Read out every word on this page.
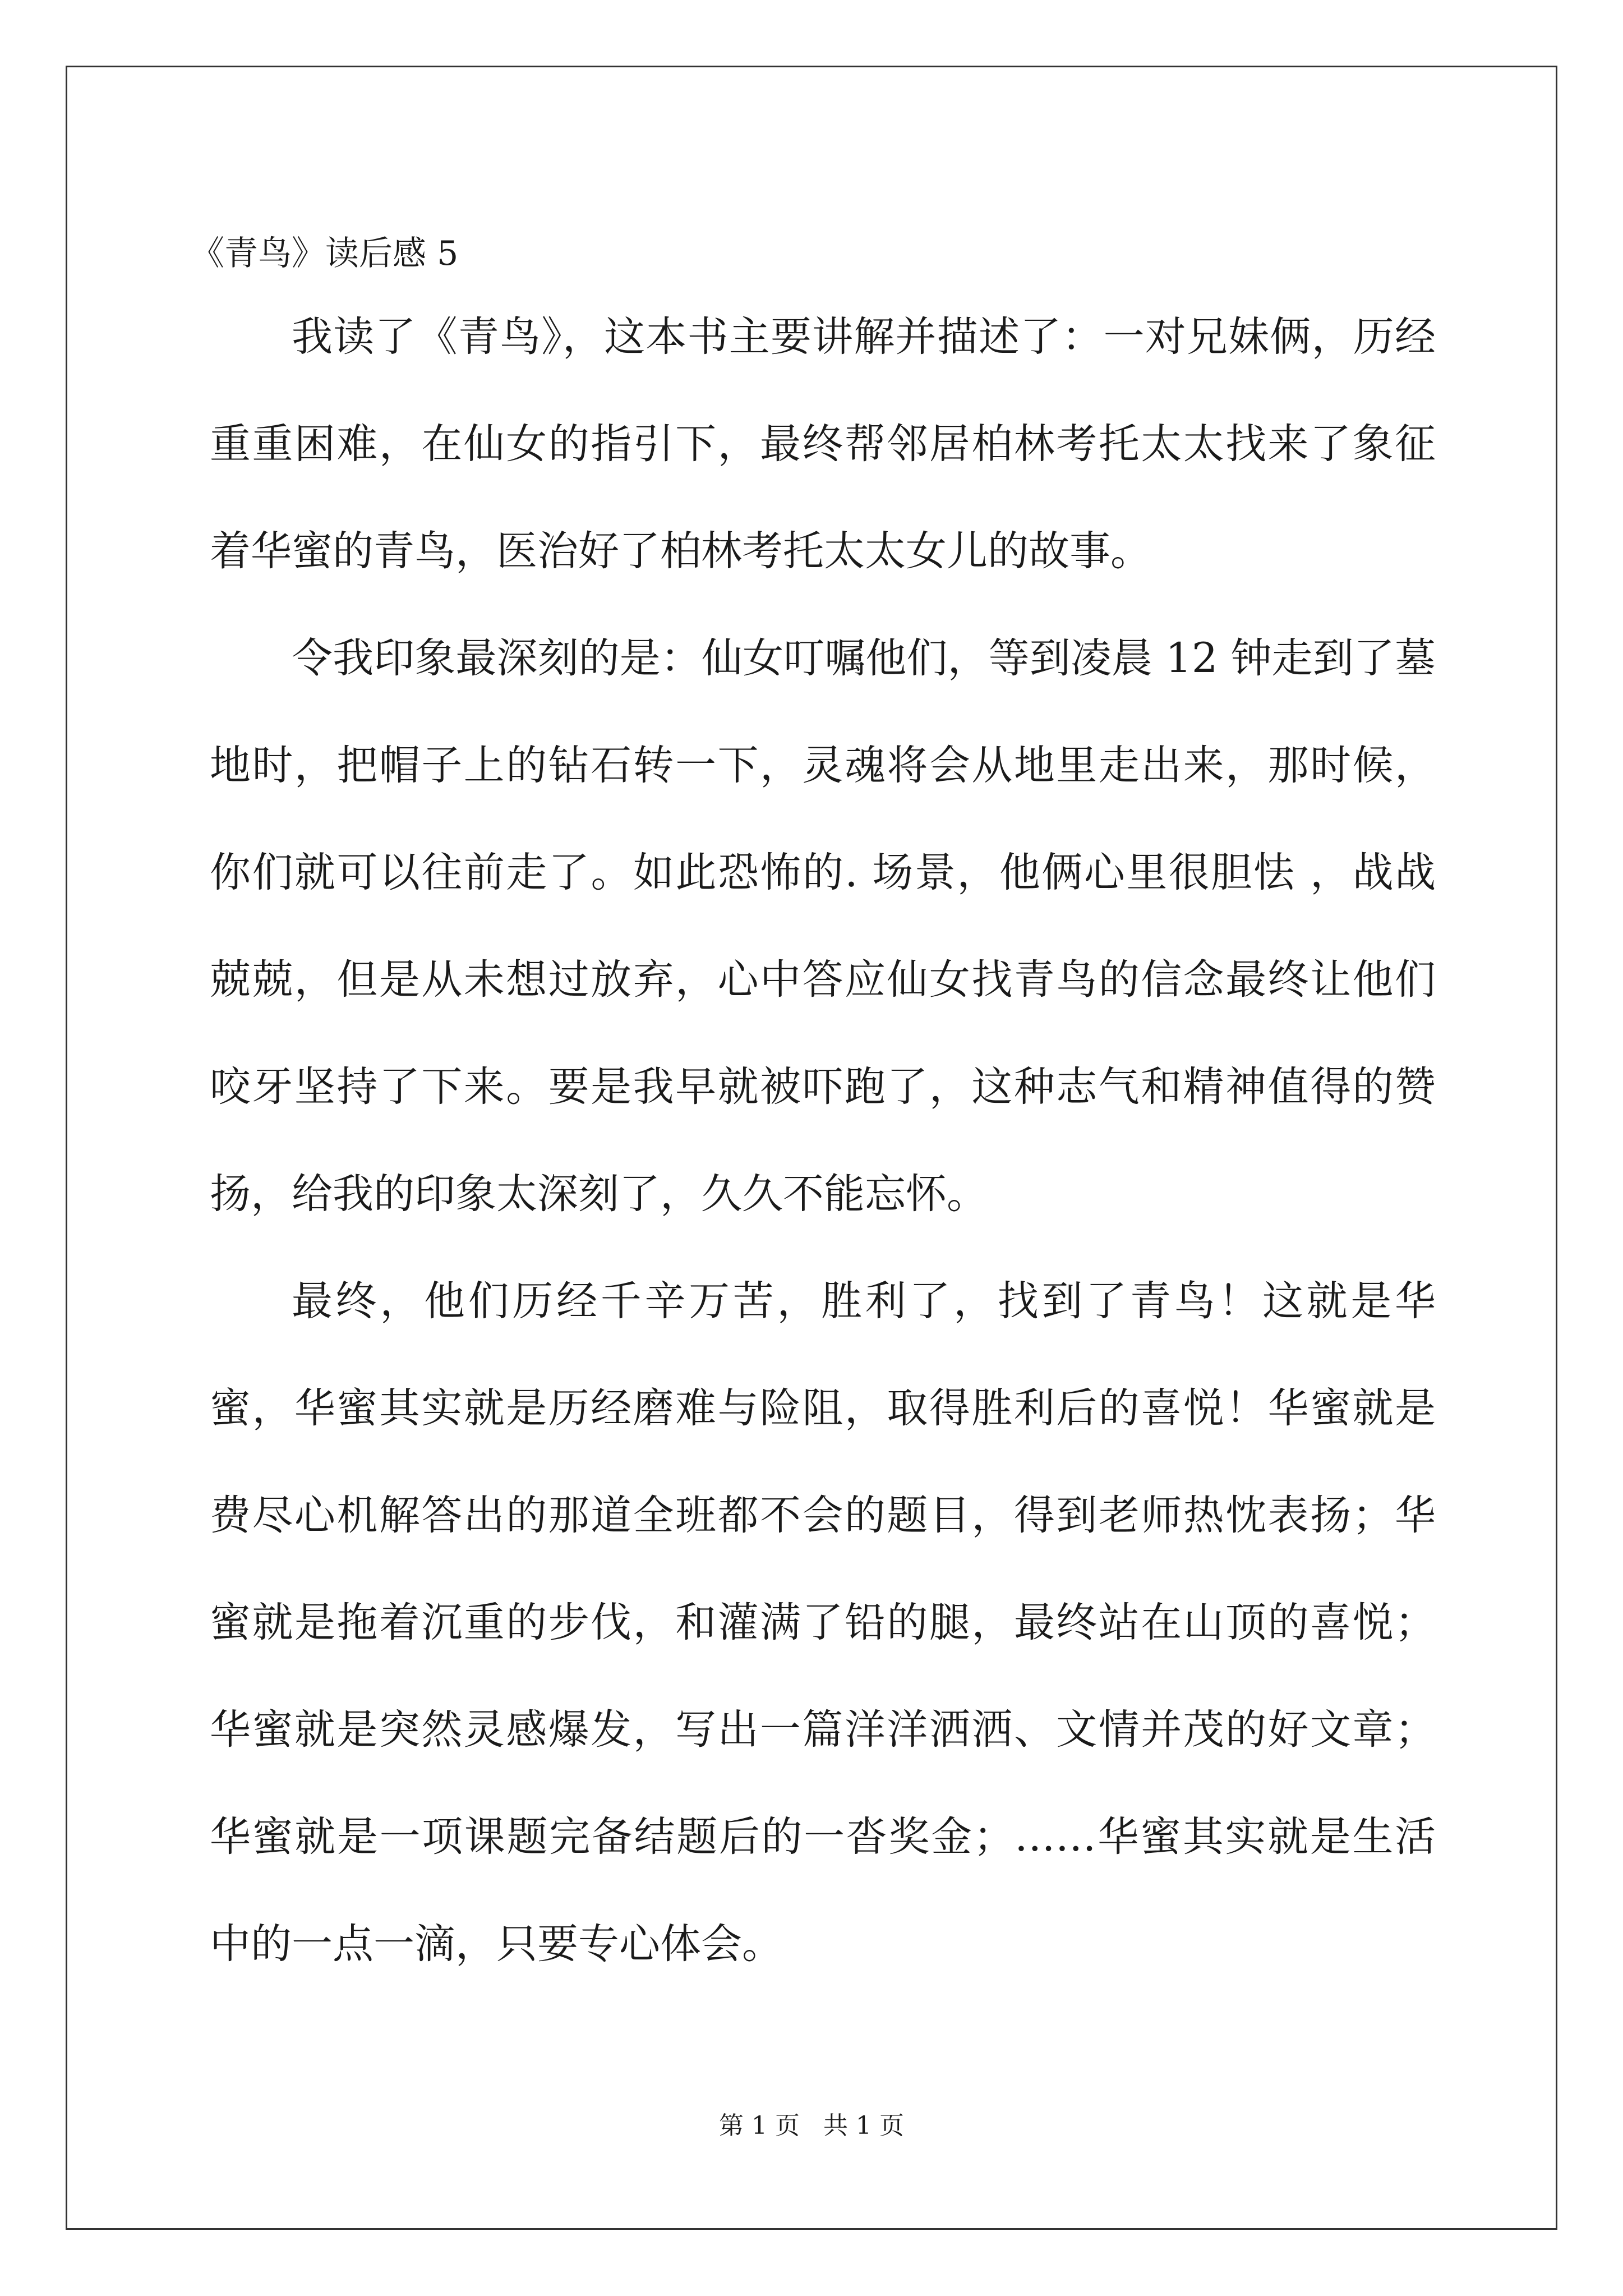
《青鸟》读后感 5

我读了《青鸟》，这本书主要讲解并描述了：一对兄妹俩，历经重重困难，在仙女的指引下，最终帮邻居柏林考托太太找来了象征着华蜜的青鸟，医治好了柏林考托太太女儿的故事。

令我印象最深刻的是：仙女叮嘱他们，等到凌晨 12 钟走到了墓地时，把帽子上的钻石转一下，灵魂将会从地里走出来，那时候，你们就可以往前走了。如此恐怖的. 场景，他俩心里很胆怯 ，战战兢兢，但是从未想过放弃，心中答应仙女找青鸟的信念最终让他们咬牙坚持了下来。要是我早就被吓跑了，这种志气和精神值得的赞扬，给我的印象太深刻了，久久不能忘怀。

最终，他们历经千辛万苦，胜利了，找到了青鸟！这就是华蜜，华蜜其实就是历经磨难与险阻，取得胜利后的喜悦！华蜜就是费尽心机解答出的那道全班都不会的题目，得到老师热忱表扬；华蜜就是拖着沉重的步伐，和灌满了铅的腿，最终站在山顶的喜悦；华蜜就是突然灵感爆发，写出一篇洋洋洒洒、文情并茂的好文章；华蜜就是一项课题完备结题后的一沓奖金；……华蜜其实就是生活中的一点一滴，只要专心体会。

第 1 页   共 1 页
